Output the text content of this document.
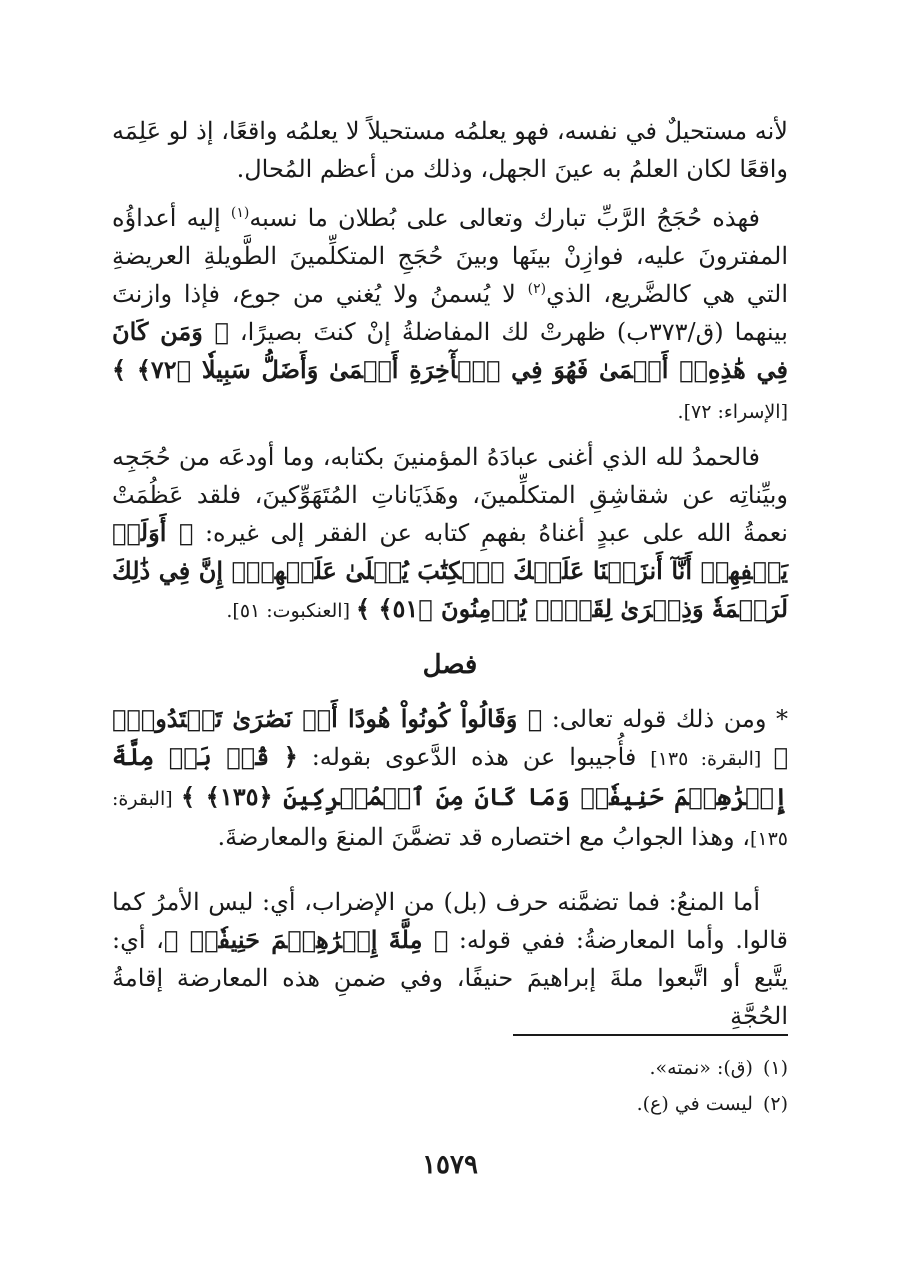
لأنه مستحيلٌ في نفسه، فهو يعلمُه مستحيلاً لا يعلمُه واقعًا، إذ لو عَلِمَه واقعًا لكان العلمُ به عينَ الجهل، وذلك من أعظم المُحال.

فهذه حُجَجُ الرَّبِّ تبارك وتعالى على بُطلان ما نسبه$^{(١)}$ إليه أعداؤُه المفترونَ عليه، فوازِنْ بينَها وبينَ حُجَجِ المتكلِّمينَ الطَّويلةِ العريضةِ التي هي كالضَّريع، الذي$^{(٢)}$ لا يُسمنُ ولا يُغني من جوع، فإذا وازنتَ بينهما (ق/٣٧٣ب) ظهرتْ لك المفاضلةُ إنْ كنتَ بصيرًا، ﴿ وَمَن كَانَ فِي هَٰذِهِۦٓ أَعۡمَىٰ فَهُوَ فِي ٱلۡأٓخِرَةِ أَعۡمَىٰ وَأَضَلُّ سَبِيلٗا ﴿٧٢﴾ ﴾ [الإسراء: ٧٢].

فالحمدُ لله الذي أغنى عبادَهُ المؤمنينَ بكتابه، وما أودعَه من حُجَجِه وبيِّناتِه عن شقاشِقِ المتكلِّمينَ، وهَذَيَاناتِ المُتَهَوِّكينَ، فلقد عَظُمَتْ نعمةُ الله على عبدٍ أغناهُ بفهمِ كتابه عن الفقر إلى غيره: ﴿ أَوَلَمۡ يَكۡفِهِمۡ أَنَّآ أَنزَلۡنَا عَلَيۡكَ ٱلۡكِتَٰبَ يُتۡلَىٰ عَلَيۡهِمۡۚ إِنَّ فِي ذَٰلِكَ لَرَحۡمَةٗ وَذِكۡرَىٰ لِقَوۡمٖ يُؤۡمِنُونَ ﴿٥١﴾ ﴾ [العنكبوت: ٥١].

فصل

* ومن ذلك قوله تعالى: ﴿ وَقَالُواْ كُونُواْ هُودًا أَوۡ نَصَٰرَىٰ تَهۡتَدُواْۗ ﴾ [البقرة: ١٣٥] فأُجيبوا عن هذه الدَّعوى بقوله: ﴿ قُلۡ بَلۡ مِلَّةَ إِبۡرَٰهِـۧمَ حَنِيفٗاۖ وَمَا كَانَ مِنَ ٱلۡمُشۡرِكِينَ ﴿١٣٥﴾ ﴾ [البقرة: ١٣٥]، وهذا الجوابُ مع اختصاره قد تضمَّنَ المنعَ والمعارضةَ.

أما المنعُ: فما تضمَّنه حرف (بل) من الإضراب، أي: ليس الأمرُ كما قالوا. وأما المعارضةُ: ففي قوله: ﴿ مِلَّةَ إِبۡرَٰهِـۧمَ حَنِيفٗاۖ ﴾، أي: يتَّبع أو اتَّبعوا ملةَ إبراهيمَ حنيفًا، وفي ضمنِ هذه المعارضة إقامةُ الحُجَّةِ

(١)(ق): «نمته».
(٢)ليست في (ع).
١٥٧٩
